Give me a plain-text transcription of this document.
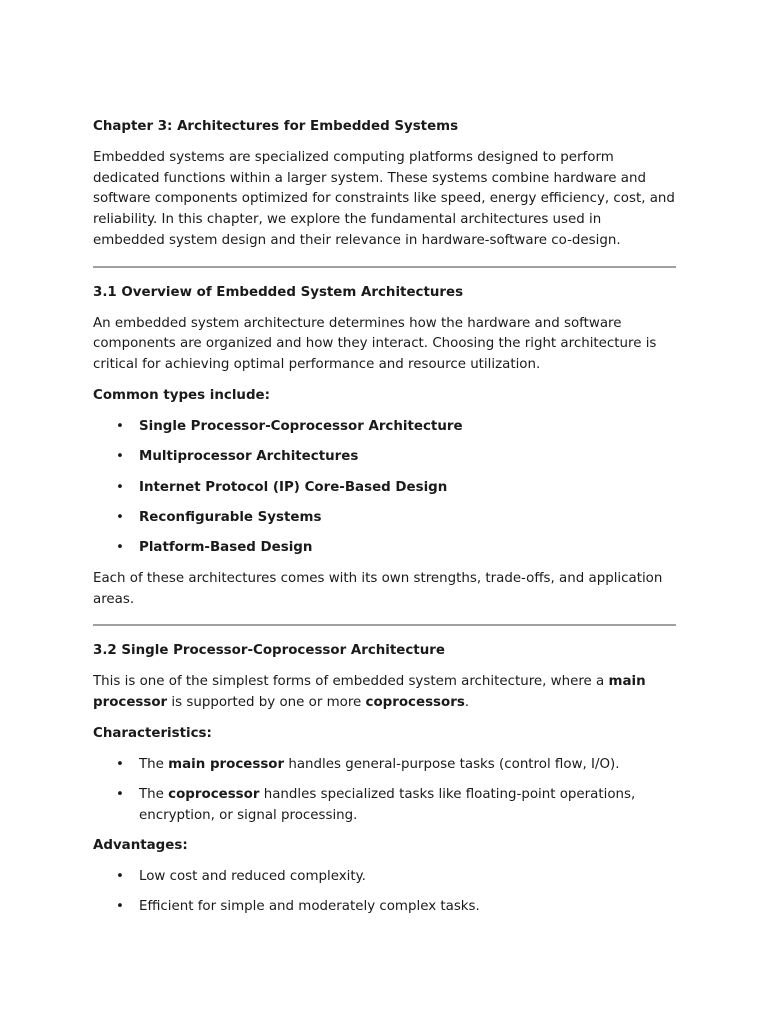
Chapter 3: Architectures for Embedded Systems
Embedded systems are specialized computing platforms designed to perform dedicated functions within a larger system. These systems combine hardware and software components optimized for constraints like speed, energy efficiency, cost, and reliability. In this chapter, we explore the fundamental architectures used in embedded system design and their relevance in hardware-software co-design.
3.1 Overview of Embedded System Architectures
An embedded system architecture determines how the hardware and software components are organized and how they interact. Choosing the right architecture is critical for achieving optimal performance and resource utilization.
Common types include:
• Single Processor-Coprocessor Architecture
• Multiprocessor Architectures
• Internet Protocol (IP) Core-Based Design
• Reconfigurable Systems
• Platform-Based Design
Each of these architectures comes with its own strengths, trade-offs, and application areas.
3.2 Single Processor-Coprocessor Architecture
This is one of the simplest forms of embedded system architecture, where a main processor is supported by one or more coprocessors.
Characteristics:
• The main processor handles general-purpose tasks (control flow, I/O).
• The coprocessor handles specialized tasks like floating-point operations, encryption, or signal processing.
Advantages:
• Low cost and reduced complexity.
• Efficient for simple and moderately complex tasks.
